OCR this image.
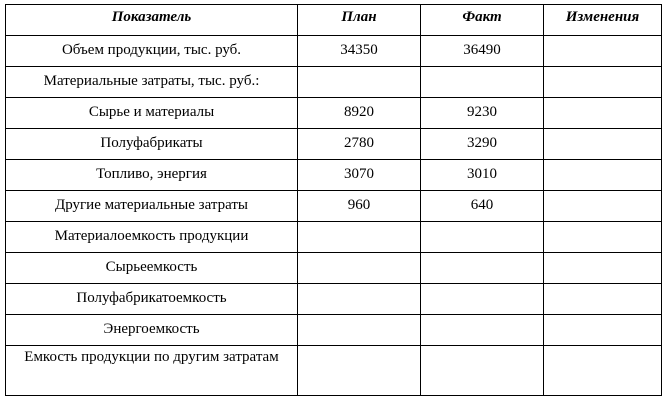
Показатель	План	Факт	Изменения
Объем продукции, тыс. руб.	34350	36490	
Материальные затраты, тыс. руб.:			
Сырье и материалы	8920	9230	
Полуфабрикаты	2780	3290	
Топливо, энергия	3070	3010	
Другие материальные затраты	960	640	
Материалоемкость продукции			
Сырьеемкость			
Полуфабрикатоемкость			
Энергоемкость			
Емкость продукции по другим затратам			
